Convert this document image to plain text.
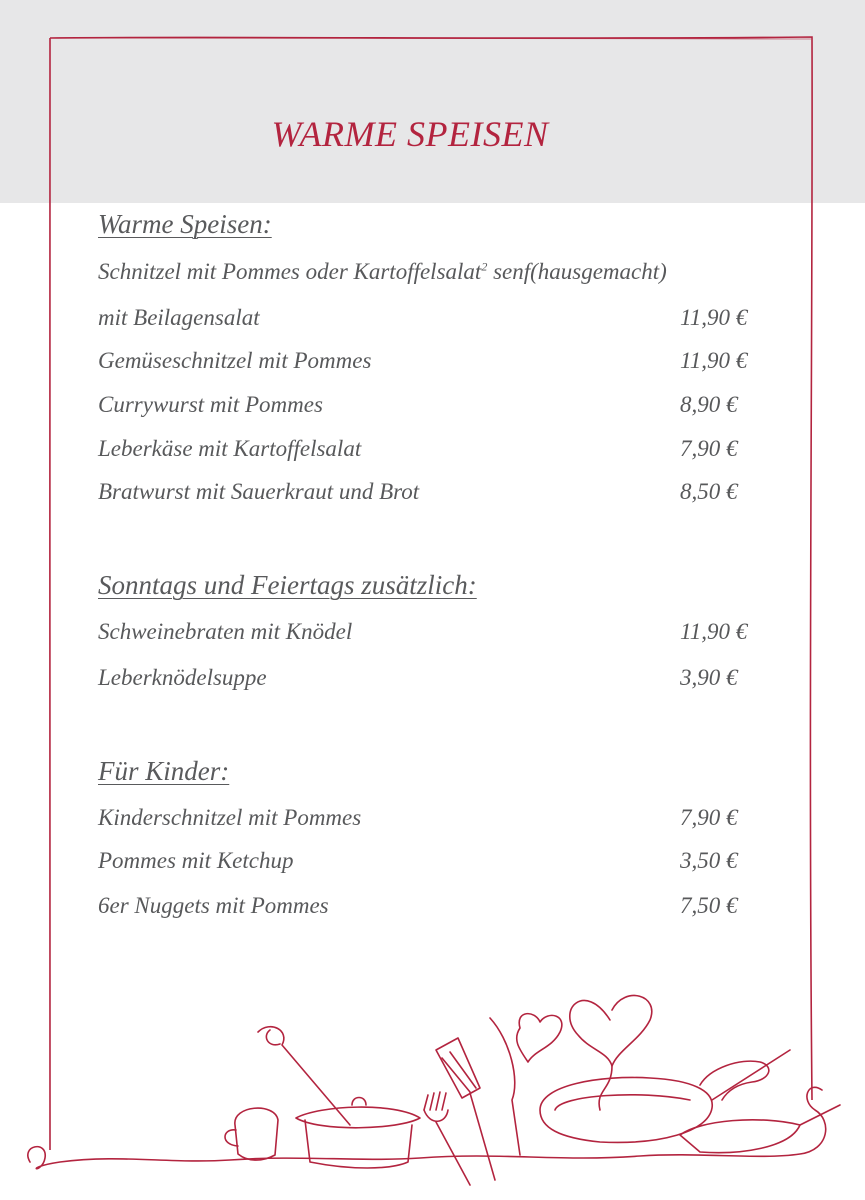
WARME SPEISEN
Warme Speisen:
Schnitzel mit Pommes oder Kartoffelsalat$^2$ senf(hausgemacht)
mit Beilagensalat	11,90 €
Gemüseschnitzel mit Pommes	11,90 €
Currywurst mit Pommes	8,90 €
Leberkäse mit Kartoffelsalat	7,90 €
Bratwurst mit Sauerkraut und Brot	8,50 €
Sonntags und Feiertags zusätzlich:
Schweinebraten mit Knödel	11,90 €
Leberknödelsuppe	3,90 €
Für Kinder:
Kinderschnitzel mit Pommes	7,90 €
Pommes mit Ketchup	3,50 €
6er Nuggets mit Pommes	7,50 €
